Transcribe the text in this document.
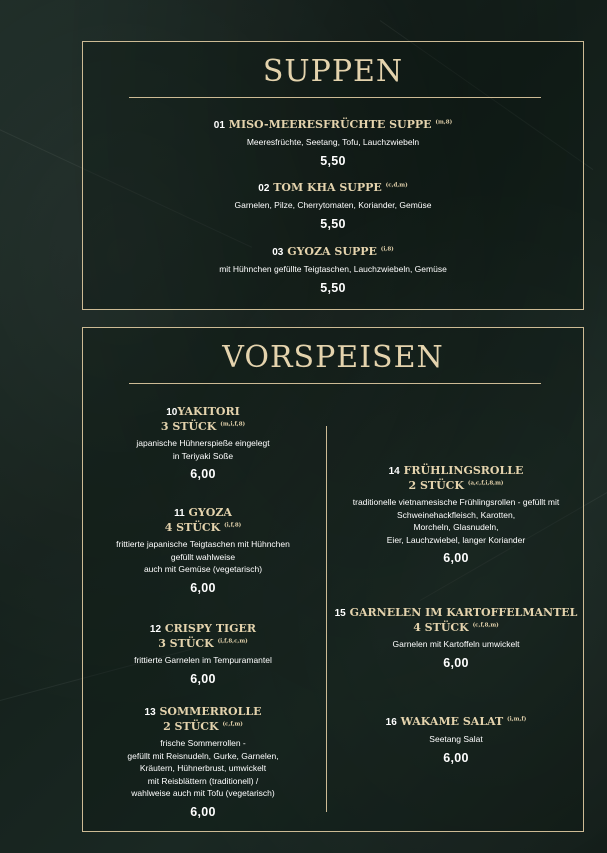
SUPPEN
01 MISO-MEERESFRÜCHTE SUPPE $^{(m,8)}$
Meeresfrüchte, Seetang, Tofu, Lauchzwiebeln
5,50
02 TOM KHA SUPPE $^{(c,d,m)}$
Garnelen, Pilze, Cherrytomaten, Koriander, Gemüse
5,50
03 GYOZA SUPPE $^{(i,8)}$
mit Hühnchen gefüllte Teigtaschen, Lauchzwiebeln, Gemüse
5,50
VORSPEISEN
10YAKITORI
3 STÜCK $^{(m,i,f,8)}$
japanische Hühnerspieße eingelegt
in Teriyaki Soße
6,00
11 GYOZA
4 STÜCK $^{(i,f,8)}$
frittierte japanische Teigtaschen mit Hühnchen
gefüllt wahlweise
auch mit Gemüse (vegetarisch)
6,00
12 CRISPY TIGER
3 STÜCK $^{(i,f,8,c,m)}$
frittierte Garnelen im Tempuramantel
6,00
13 SOMMERROLLE
2 STÜCK $^{(c,f,m)}$
frische Sommerrollen -
gefüllt mit Reisnudeln, Gurke, Garnelen,
Kräutern, Hühnerbrust, umwickelt
mit Reisblättern (traditionell) /
wahlweise auch mit Tofu (vegetarisch)
6,00
14 FRÜHLINGSROLLE
2 STÜCK $^{(a,c,f,i,8,m)}$
traditionelle vietnamesische Frühlingsrollen - gefüllt mit
Schweinehackfleisch, Karotten,
Morcheln, Glasnudeln,
Eier, Lauchzwiebel, langer Koriander
6,00
15 GARNELEN IM KARTOFFELMANTEL
4 STÜCK $^{(c,f,8,m)}$
Garnelen mit Kartoffeln umwickelt
6,00
16 WAKAME SALAT $^{(i,m,f)}$
Seetang Salat
6,00
